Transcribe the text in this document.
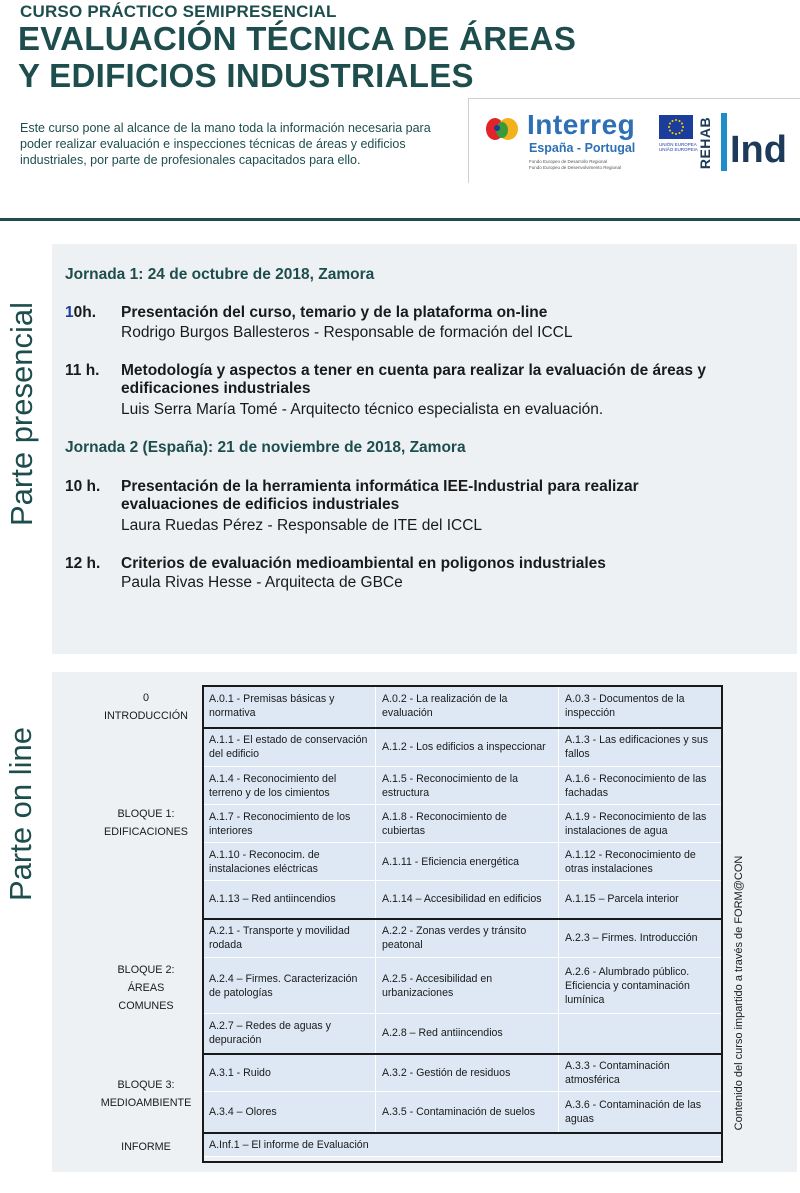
CURSO PRÁCTICO SEMIPRESENCIAL
EVALUACIÓN TÉCNICA DE ÁREAS
Y EDIFICIOS INDUSTRIALES
Este curso pone al alcance de la mano toda la información necesaria para poder realizar evaluación e inspecciones técnicas de áreas y edificios industriales, por parte de profesionales capacitados para ello.
Interreg
España - Portugal
Fondo Europeo de Desarrollo Regional
Fundo Europeu de Desenvolvimento Regional
UNIÓN EUROPEA
UNIÃO EUROPEIA REHAB Ind
Parte presencial
Jornada 1: 24 de octubre de 2018, Zamora
10h. Presentación del curso, temario y de la plataforma on-line
Rodrigo Burgos Ballesteros - Responsable de formación del ICCL
11 h. Metodología y aspectos a tener en cuenta para realizar la evaluación de áreas y
edificaciones industriales
Luis Serra María Tomé - Arquitecto técnico especialista en evaluación.
Jornada 2 (España): 21 de noviembre de 2018, Zamora
10 h. Presentación de la herramienta informática IEE-Industrial para realizar
evaluaciones de edificios industriales
Laura Ruedas Pérez - Responsable de ITE del ICCL
12 h. Criterios de evaluación medioambiental en poligonos industriales
Paula Rivas Hesse - Arquitecta de GBCe
Parte on line
0
INTRODUCCIÓN
BLOQUE 1:
EDIFICACIONES
BLOQUE 2:
ÁREAS
COMUNES
BLOQUE 3:
MEDIOAMBIENTE
INFORME
A.0.1 - Premisas básicas y normativa	A.0.2 - La realización de la evaluación	A.0.3 - Documentos de la inspección
A.1.1 - El estado de conservación del edificio	A.1.2 - Los edificios a inspeccionar	A.1.3 - Las edificaciones y sus fallos
A.1.4 - Reconocimiento del terreno y de los cimientos	A.1.5 - Reconocimiento de la estructura	A.1.6 - Reconocimiento de las fachadas
A.1.7 - Reconocimiento de los interiores	A.1.8 - Reconocimiento de cubiertas	A.1.9 - Reconocimiento de las instalaciones de agua
A.1.10 - Reconocim. de instalaciones eléctricas	A.1.11 - Eficiencia energética	A.1.12 - Reconocimiento de otras instalaciones
A.1.13 – Red antiincendios	A.1.14 – Accesibilidad en edificios	A.1.15 – Parcela interior
A.2.1 - Transporte y movilidad rodada	A.2.2 - Zonas verdes y tránsito peatonal	A.2.3 – Firmes. Introducción
A.2.4 – Firmes. Caracterización de patologías	A.2.5 - Accesibilidad en urbanizaciones	A.2.6 - Alumbrado público. Eficiencia y contaminación lumínica
A.2.7 – Redes de aguas y depuración	A.2.8 – Red antiincendios	
A.3.1 - Ruido	A.3.2 - Gestión de residuos	A.3.3 - Contaminación atmosférica
A.3.4 – Olores	A.3.5 - Contaminación de suelos	A.3.6 - Contaminación de las aguas
A.Inf.1 – El informe de Evaluación		
Contenido del curso impartido a través de FORM@CON
